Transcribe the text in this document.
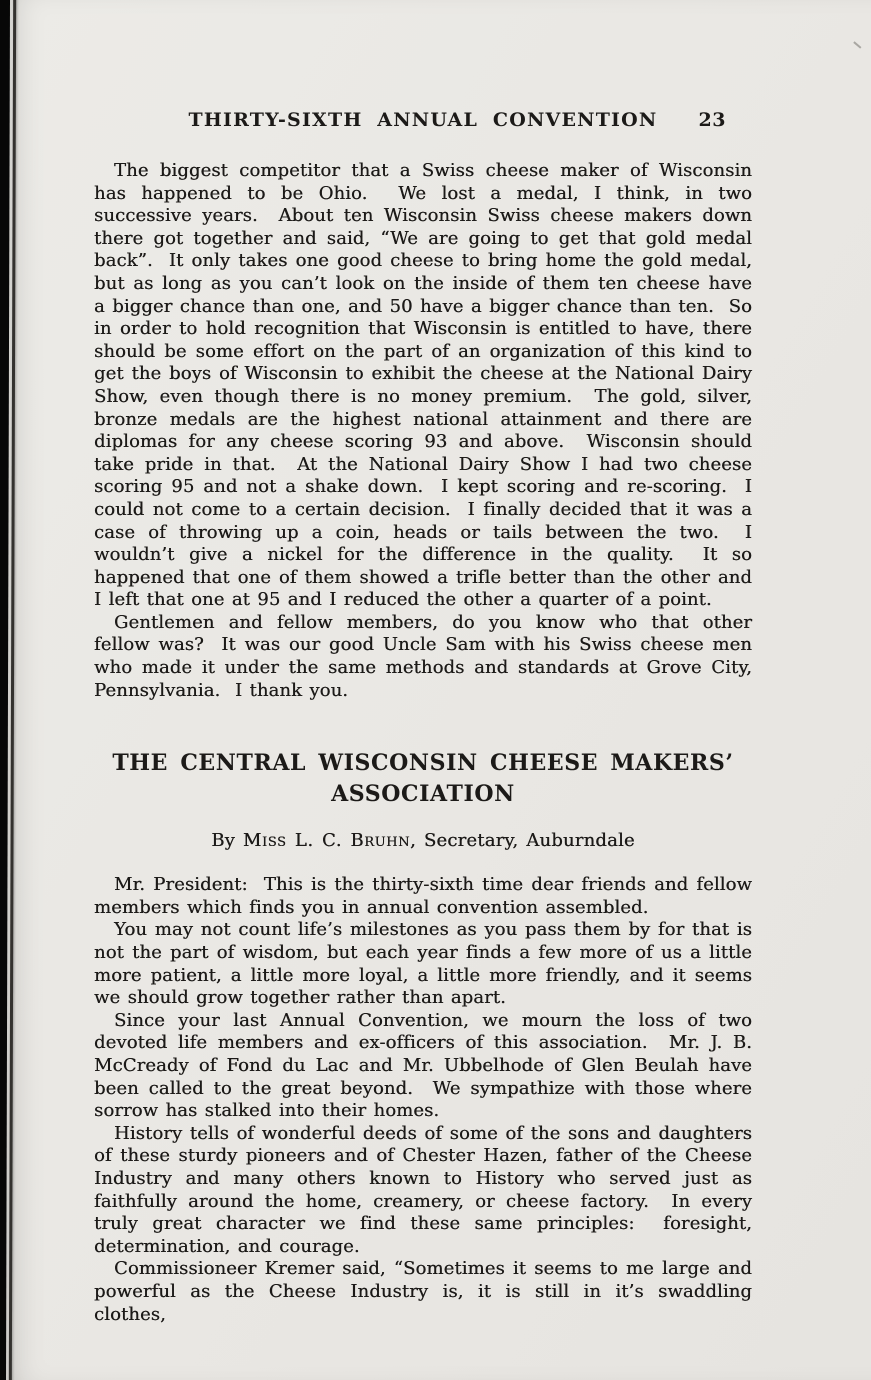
THIRTY-SIXTH ANNUAL CONVENTION	23

The biggest competitor that a Swiss cheese maker of Wisconsin has happened to be Ohio.  We lost a medal, I think, in two successive years.  About ten Wisconsin Swiss cheese makers down there got together and said, “We are going to get that gold medal back”.  It only takes one good cheese to bring home the gold medal, but as long as you can’t look on the inside of them ten cheese have a bigger chance than one, and 50 have a bigger chance than ten.  So in order to hold recognition that Wisconsin is entitled to have, there should be some effort on the part of an organization of this kind to get the boys of Wisconsin to exhibit the cheese at the National Dairy Show, even though there is no money premium.  The gold, silver, bronze medals are the highest national attainment and there are diplomas for any cheese scoring 93 and above.  Wisconsin should take pride in that.  At the National Dairy Show I had two cheese scoring 95 and not a shake down.  I kept scoring and re-scoring.  I could not come to a certain decision.  I finally decided that it was a case of throwing up a coin, heads or tails between the two.  I wouldn’t give a nickel for the difference in the quality.  It so happened that one of them showed a trifle better than the other and I left that one at 95 and I reduced the other a quarter of a point.

Gentlemen and fellow members, do you know who that other fellow was?  It was our good Uncle Sam with his Swiss cheese men who made it under the same methods and standards at Grove City, Pennsylvania.  I thank you.

THE CENTRAL WISCONSIN CHEESE MAKERS’
ASSOCIATION
By Miss L. C. Bruhn, Secretary, Auburndale

Mr. President:  This is the thirty-sixth time dear friends and fellow members which finds you in annual convention assembled.

You may not count life’s milestones as you pass them by for that is not the part of wisdom, but each year finds a few more of us a little more patient, a little more loyal, a little more friendly, and it seems we should grow together rather than apart.

Since your last Annual Convention, we mourn the loss of two devoted life members and ex-officers of this association.  Mr. J. B. McCready of Fond du Lac and Mr. Ubbelhode of Glen Beulah have been called to the great beyond.  We sympathize with those where sorrow has stalked into their homes.

History tells of wonderful deeds of some of the sons and daughters of these sturdy pioneers and of Chester Hazen, father of the Cheese Industry and many others known to History who served just as faithfully around the home, creamery, or cheese factory.  In every truly great character we find these same principles:  foresight, determination, and courage.

Commissioneer Kremer said, “Sometimes it seems to me large and powerful as the Cheese Industry is, it is still in it’s swaddling clothes,
